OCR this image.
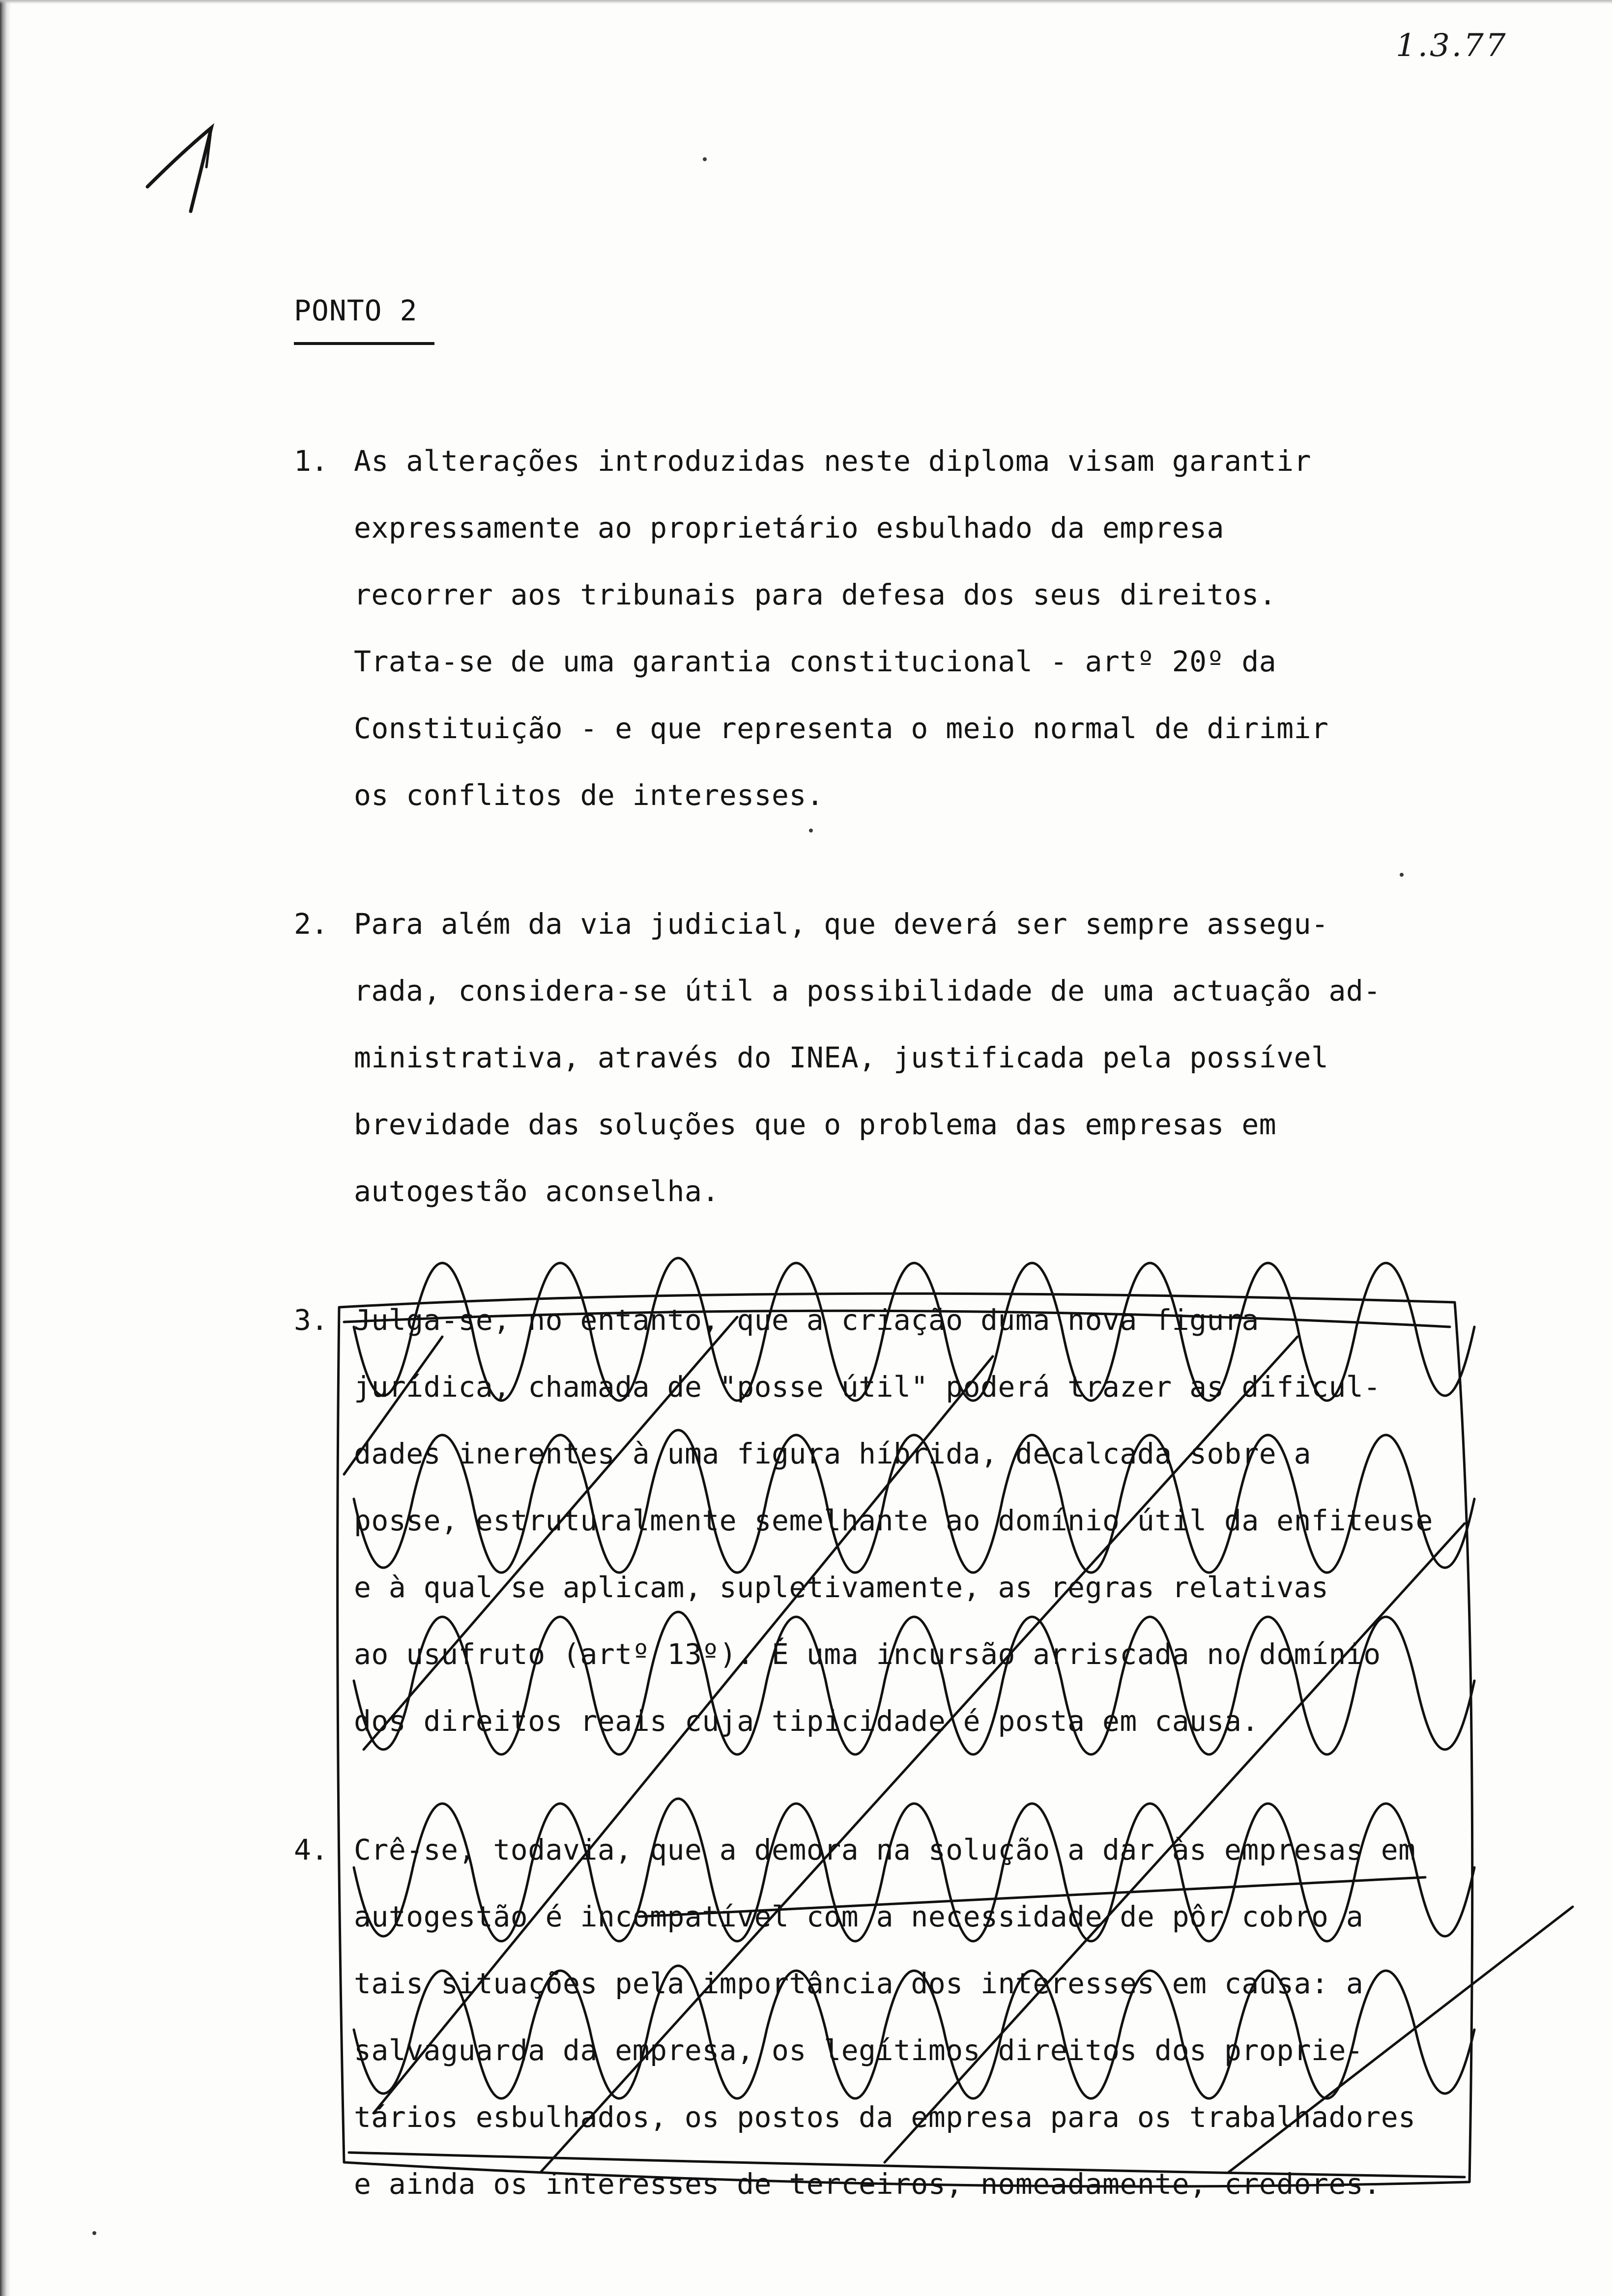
1.3.77
PONTO 2
1. As alterações introduzidas neste diploma visam garantir
expressamente ao proprietário esbulhado da empresa
recorrer aos tribunais para defesa dos seus direitos.
Trata-se de uma garantia constitucional - artº 20º da
Constituição - e que representa o meio normal de dirimir
os conflitos de interesses.
2. Para além da via judicial, que deverá ser sempre assegu-
rada, considera-se útil a possibilidade de uma actuação ad-
ministrativa, através do INEA, justificada pela possível
brevidade das soluções que o problema das empresas em
autogestão aconselha.
3. Julga-se, no entanto, que a criação duma nova figura
jurídica, chamada de "posse útil" poderá trazer as dificul-
dades inerentes à uma figura híbrida, decalcada sobre a
posse, estruturalmente semelhante ao domínio útil da enfiteuse
e à qual se aplicam, supletivamente, as regras relativas
ao usufruto (artº 13º). É uma incursão arriscada no domínio
dos direitos reais cuja tipicidade é posta em causa.
4. Crê-se, todavia, que a demora na solução a dar às empresas em
autogestão é incompatível com a necessidade de pôr cobro a
tais situações pela importância dos interesses em causa: a
salvaguarda da empresa, os legítimos direitos dos proprie-
tários esbulhados, os postos da empresa para os trabalhadores
e ainda os interesses de terceiros, nomeadamente, credores.
